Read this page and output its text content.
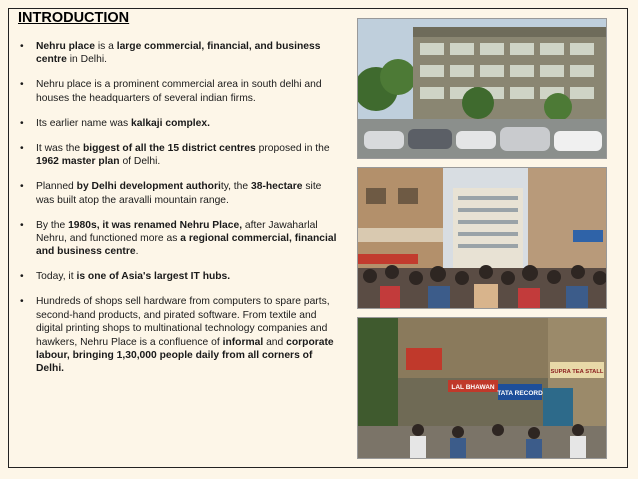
INTRODUCTION
• Nehru place is a large commercial, financial, and business centre in Delhi.
• Nehru place is a prominent commercial area in south delhi and houses the headquarters of several indian firms.
• Its earlier name was kalkaji complex.
• It was the biggest of all the 15 district centres proposed in the 1962 master plan of Delhi.
• Planned by Delhi development authority, the 38-hectare site was built atop the aravalli mountain range.
• By the 1980s, it was renamed Nehru Place, after Jawaharlal Nehru, and functioned more as a regional commercial, financial and business centre.
• Today, it is one of Asia's largest IT hubs.
• Hundreds of shops sell hardware from computers to spare parts, second-hand products, and pirated software. From textile and digital printing shops to multinational technology companies and hawkers, Nehru Place is a confluence of informal and corporate labour, bringing 1,30,000 people daily from all corners of Delhi.
LAL BHAWAN
TATA RECORD
SUPRA TEA STALL
